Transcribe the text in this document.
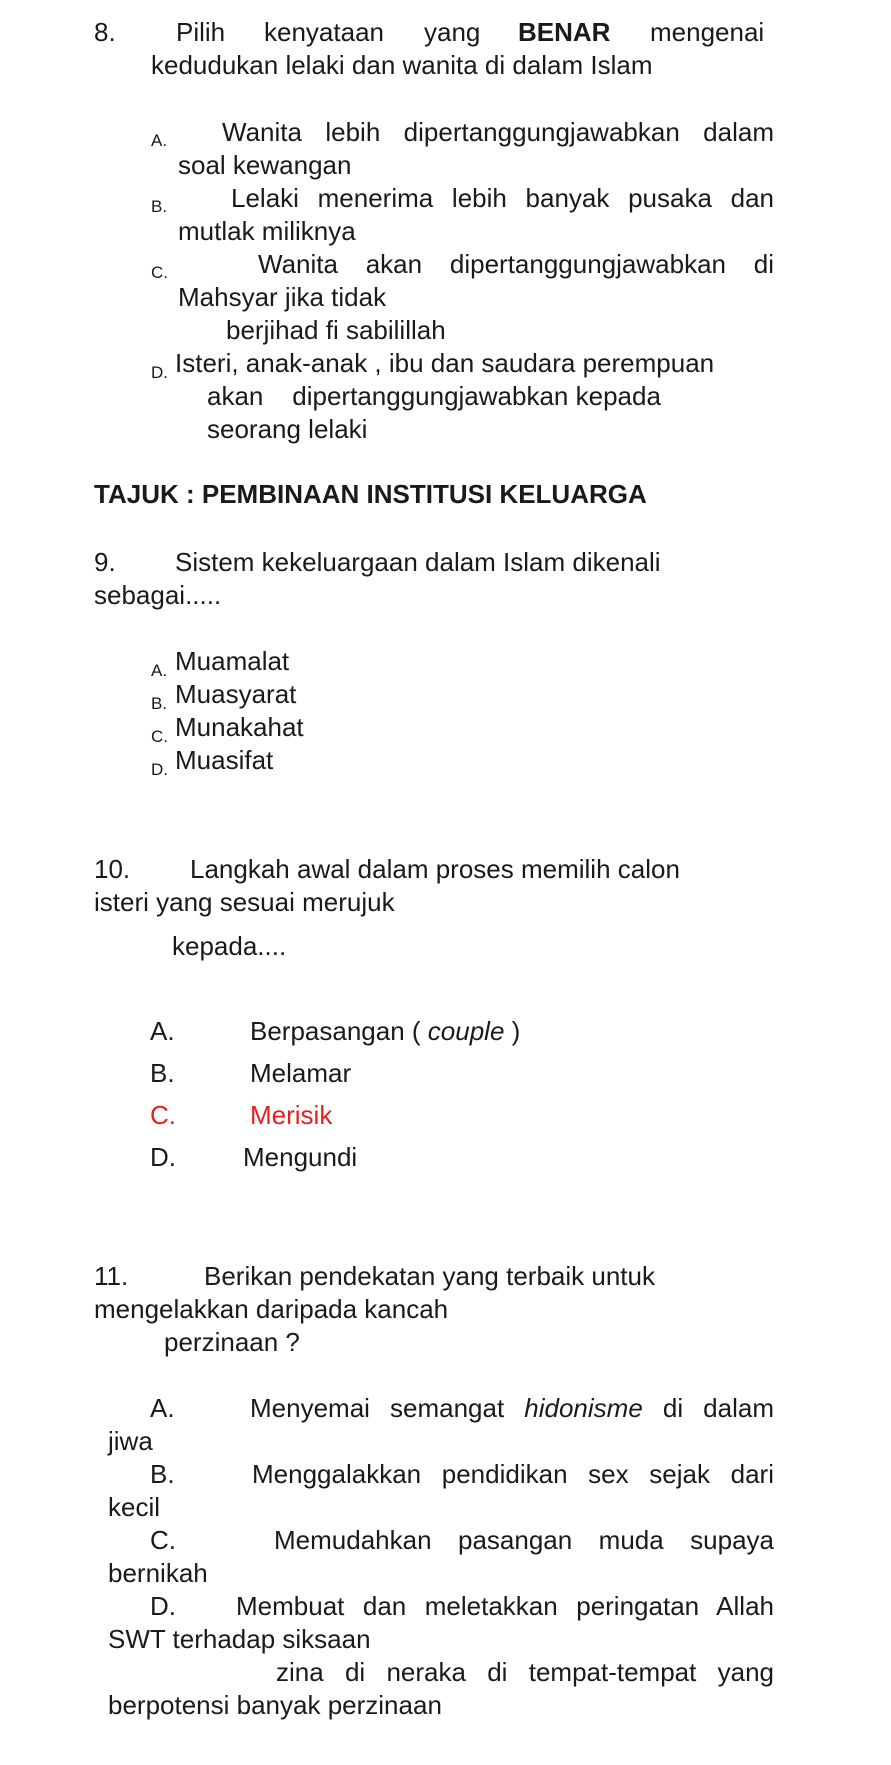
8. Pilih kenyataan yang BENAR mengenai
kedudukan lelaki dan wanita di dalam Islam
A. Wanita lebih dipertanggungjawabkan dalam
soal kewangan
B. Lelaki menerima lebih banyak pusaka dan
mutlak miliknya
C.	Wanita akan dipertanggungjawabkan di
Mahsyar jika tidak
berjihad fi sabilillah
D. Isteri, anak-anak , ibu dan saudara perempuan
akan    dipertanggungjawabkan kepada
seorang lelaki
TAJUK : PEMBINAAN INSTITUSI KELUARGA
9. Sistem kekeluargaan dalam Islam dikenali
sebagai.....
A. Muamalat
B. Muasyarat
C. Munakahat
D. Muasifat
10. Langkah awal dalam proses memilih calon
isteri yang sesuai merujuk
kepada....
A.	Berpasangan ( couple )
B.	Melamar
C.	Merisik
D.	Mengundi
11.	Berikan pendekatan yang terbaik untuk
mengelakkan daripada kancah
perzinaan ?
A.	Menyemai semangat hidonisme di dalam
jiwa
B.	Menggalakkan pendidikan sex sejak dari
kecil
C.	Memudahkan pasangan muda supaya
bernikah
D. Membuat dan meletakkan peringatan Allah
SWT terhadap siksaan
zina di neraka di tempat-tempat yang
berpotensi banyak perzinaan
